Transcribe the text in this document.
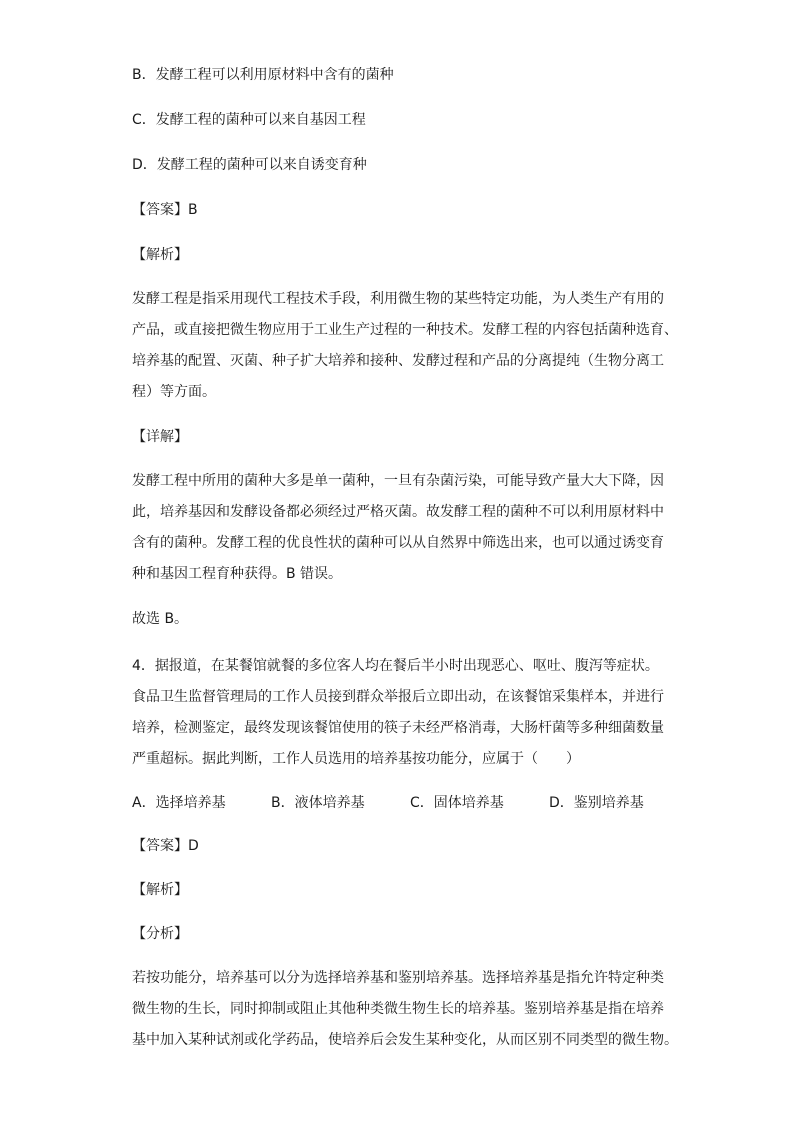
B．发酵工程可以利用原材料中含有的菌种
C．发酵工程的菌种可以来自基因工程
D．发酵工程的菌种可以来自诱变育种
【答案】B
【解析】
发酵工程是指采用现代工程技术手段，利用微生物的某些特定功能，为人类生产有用的
产品，或直接把微生物应用于工业生产过程的一种技术。发酵工程的内容包括菌种选育、
培养基的配置、灭菌、种子扩大培养和接种、发酵过程和产品的分离提纯（生物分离工
程）等方面。
【详解】
发酵工程中所用的菌种大多是单一菌种，一旦有杂菌污染，可能导致产量大大下降，因
此，培养基因和发酵设备都必须经过严格灭菌。故发酵工程的菌种不可以利用原材料中
含有的菌种。发酵工程的优良性状的菌种可以从自然界中筛选出来，也可以通过诱变育
种和基因工程育种获得。B 错误。
故选 B。
4．据报道，在某餐馆就餐的多位客人均在餐后半小时出现恶心、呕吐、腹泻等症状。
食品卫生监督管理局的工作人员接到群众举报后立即出动，在该餐馆采集样本，并进行
培养，检测鉴定，最终发现该餐馆使用的筷子未经严格消毒，大肠杆菌等多种细菌数量
严重超标。据此判断，工作人员选用的培养基按功能分，应属于（　　）
A．选择培养基	B．液体培养基	C．固体培养基	D．鉴别培养基
【答案】D
【解析】
【分析】
若按功能分，培养基可以分为选择培养基和鉴别培养基。选择培养基是指允许特定种类
微生物的生长，同时抑制或阻止其他种类微生物生长的培养基。鉴别培养基是指在培养
基中加入某种试剂或化学药品，使培养后会发生某种变化，从而区别不同类型的微生物。
